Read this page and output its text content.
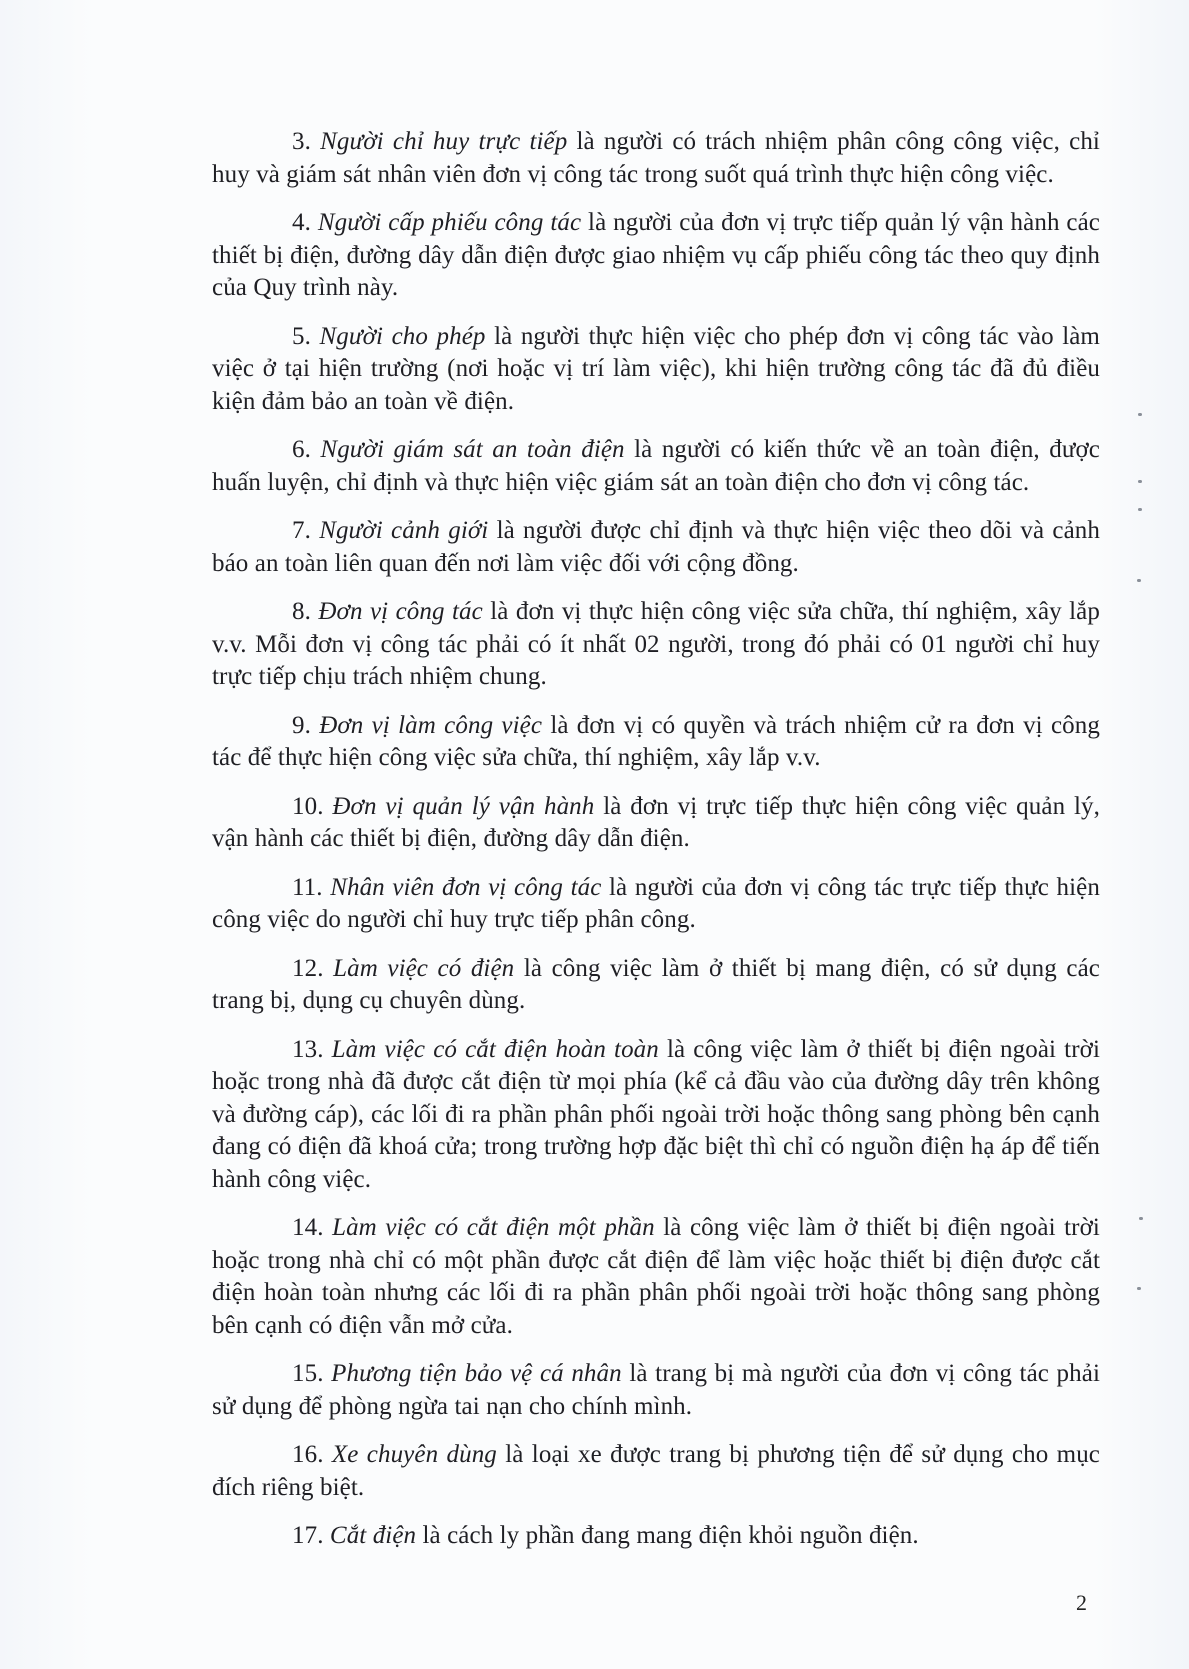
3. Người chỉ huy trực tiếp là người có trách nhiệm phân công công việc, chỉ huy và giám sát nhân viên đơn vị công tác trong suốt quá trình thực hiện công việc.

4. Người cấp phiếu công tác là người của đơn vị trực tiếp quản lý vận hành các thiết bị điện, đường dây dẫn điện được giao nhiệm vụ cấp phiếu công tác theo quy định của Quy trình này.

5. Người cho phép là người thực hiện việc cho phép đơn vị công tác vào làm việc ở tại hiện trường (nơi hoặc vị trí làm việc), khi hiện trường công tác đã đủ điều kiện đảm bảo an toàn về điện.

6. Người giám sát an toàn điện là người có kiến thức về an toàn điện, được huấn luyện, chỉ định và thực hiện việc giám sát an toàn điện cho đơn vị công tác.

7. Người cảnh giới là người được chỉ định và thực hiện việc theo dõi và cảnh báo an toàn liên quan đến nơi làm việc đối với cộng đồng.

8. Đơn vị công tác là đơn vị thực hiện công việc sửa chữa, thí nghiệm, xây lắp v.v. Mỗi đơn vị công tác phải có ít nhất 02 người, trong đó phải có 01 người chỉ huy trực tiếp chịu trách nhiệm chung.

9. Đơn vị làm công việc là đơn vị có quyền và trách nhiệm cử ra đơn vị công tác để thực hiện công việc sửa chữa, thí nghiệm, xây lắp v.v.

10. Đơn vị quản lý vận hành là đơn vị trực tiếp thực hiện công việc quản lý, vận hành các thiết bị điện, đường dây dẫn điện.

11. Nhân viên đơn vị công tác là người của đơn vị công tác trực tiếp thực hiện công việc do người chỉ huy trực tiếp phân công.

12. Làm việc có điện là công việc làm ở thiết bị mang điện, có sử dụng các trang bị, dụng cụ chuyên dùng.

13. Làm việc có cắt điện hoàn toàn là công việc làm ở thiết bị điện ngoài trời hoặc trong nhà đã được cắt điện từ mọi phía (kể cả đầu vào của đường dây trên không và đường cáp), các lối đi ra phần phân phối ngoài trời hoặc thông sang phòng bên cạnh đang có điện đã khoá cửa; trong trường hợp đặc biệt thì chỉ có nguồn điện hạ áp để tiến hành công việc.

14. Làm việc có cắt điện một phần là công việc làm ở thiết bị điện ngoài trời hoặc trong nhà chỉ có một phần được cắt điện để làm việc hoặc thiết bị điện được cắt điện hoàn toàn nhưng các lối đi ra phần phân phối ngoài trời hoặc thông sang phòng bên cạnh có điện vẫn mở cửa.

15. Phương tiện bảo vệ cá nhân là trang bị mà người của đơn vị công tác phải sử dụng để phòng ngừa tai nạn cho chính mình.

16. Xe chuyên dùng là loại xe được trang bị phương tiện để sử dụng cho mục đích riêng biệt.

17. Cắt điện là cách ly phần đang mang điện khỏi nguồn điện.

2
